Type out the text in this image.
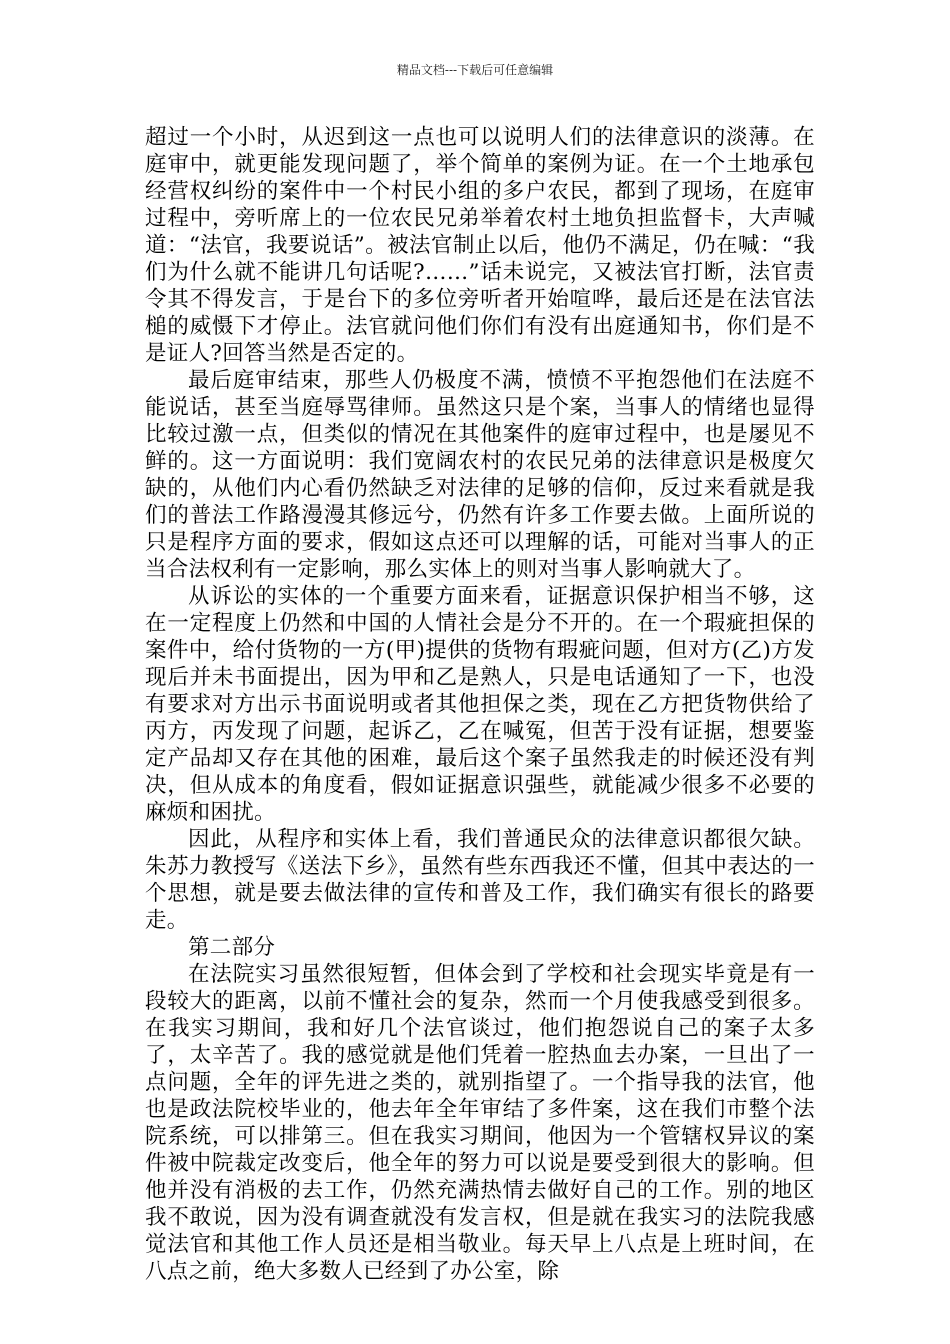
精品文档---下载后可任意编辑

超过一个小时，从迟到这一点也可以说明人们的法律意识的淡薄。在庭审中，就更能发现问题了，举个简单的案例为证。在一个土地承包经营权纠纷的案件中一个村民小组的多户农民，都到了现场，在庭审过程中，旁听席上的一位农民兄弟举着农村土地负担监督卡，大声喊道：“法官，我要说话”。被法官制止以后，他仍不满足，仍在喊：“我们为什么就不能讲几句话呢?……”话未说完，又被法官打断，法官责令其不得发言，于是台下的多位旁听者开始喧哗，最后还是在法官法槌的威慑下才停止。法官就问他们你们有没有出庭通知书，你们是不是证人?回答当然是否定的。

最后庭审结束，那些人仍极度不满，愤愤不平抱怨他们在法庭不能说话，甚至当庭辱骂律师。虽然这只是个案，当事人的情绪也显得比较过激一点，但类似的情况在其他案件的庭审过程中，也是屡见不鲜的。这一方面说明：我们宽阔农村的农民兄弟的法律意识是极度欠缺的，从他们内心看仍然缺乏对法律的足够的信仰，反过来看就是我们的普法工作路漫漫其修远兮，仍然有许多工作要去做。上面所说的只是程序方面的要求，假如这点还可以理解的话，可能对当事人的正当合法权利有一定影响，那么实体上的则对当事人影响就大了。

从诉讼的实体的一个重要方面来看，证据意识保护相当不够，这在一定程度上仍然和中国的人情社会是分不开的。在一个瑕疵担保的案件中，给付货物的一方(甲)提供的货物有瑕疵问题，但对方(乙)方发现后并未书面提出，因为甲和乙是熟人，只是电话通知了一下，也没有要求对方出示书面说明或者其他担保之类，现在乙方把货物供给了丙方，丙发现了问题，起诉乙，乙在喊冤，但苦于没有证据，想要鉴定产品却又存在其他的困难，最后这个案子虽然我走的时候还没有判决，但从成本的角度看，假如证据意识强些，就能减少很多不必要的麻烦和困扰。

因此，从程序和实体上看，我们普通民众的法律意识都很欠缺。朱苏力教授写《送法下乡》，虽然有些东西我还不懂，但其中表达的一个思想，就是要去做法律的宣传和普及工作，我们确实有很长的路要走。

第二部分

在法院实习虽然很短暂，但体会到了学校和社会现实毕竟是有一段较大的距离，以前不懂社会的复杂，然而一个月使我感受到很多。在我实习期间，我和好几个法官谈过，他们抱怨说自己的案子太多了，太辛苦了。我的感觉就是他们凭着一腔热血去办案，一旦出了一点问题，全年的评先进之类的，就别指望了。一个指导我的法官，他也是政法院校毕业的，他去年全年审结了多件案，这在我们市整个法院系统，可以排第三。但在我实习期间，他因为一个管辖权异议的案件被中院裁定改变后，他全年的努力可以说是要受到很大的影响。但他并没有消极的去工作，仍然充满热情去做好自己的工作。别的地区我不敢说，因为没有调查就没有发言权，但是就在我实习的法院我感觉法官和其他工作人员还是相当敬业。每天早上八点是上班时间，在八点之前，绝大多数人已经到了办公室，除
